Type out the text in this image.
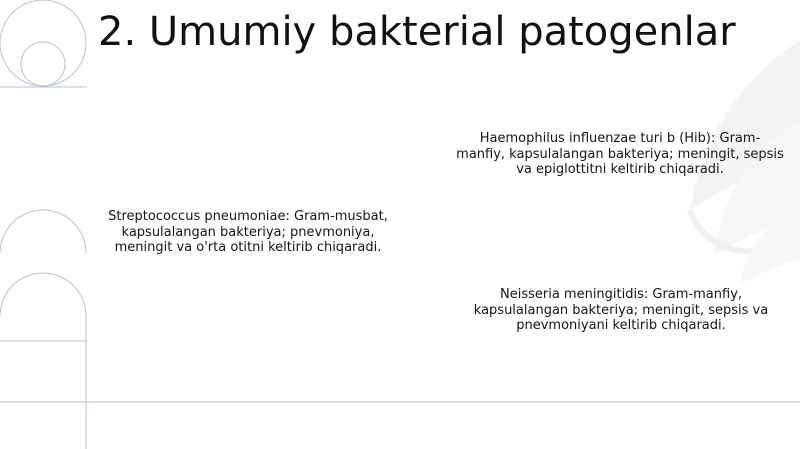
2. Umumiy bakterial patogenlar

Streptococcus pneumoniae: Gram-musbat, kapsulalangan bakteriya; pnevmoniya, meningit va o'rta otitni keltirib chiqaradi.

Haemophilus influenzae turi b (Hib): Gram-manfiy, kapsulalangan bakteriya; meningit, sepsis va epiglottitni keltirib chiqaradi.

Neisseria meningitidis: Gram-manfiy, kapsulalangan bakteriya; meningit, sepsis va pnevmoniyani keltirib chiqaradi.
